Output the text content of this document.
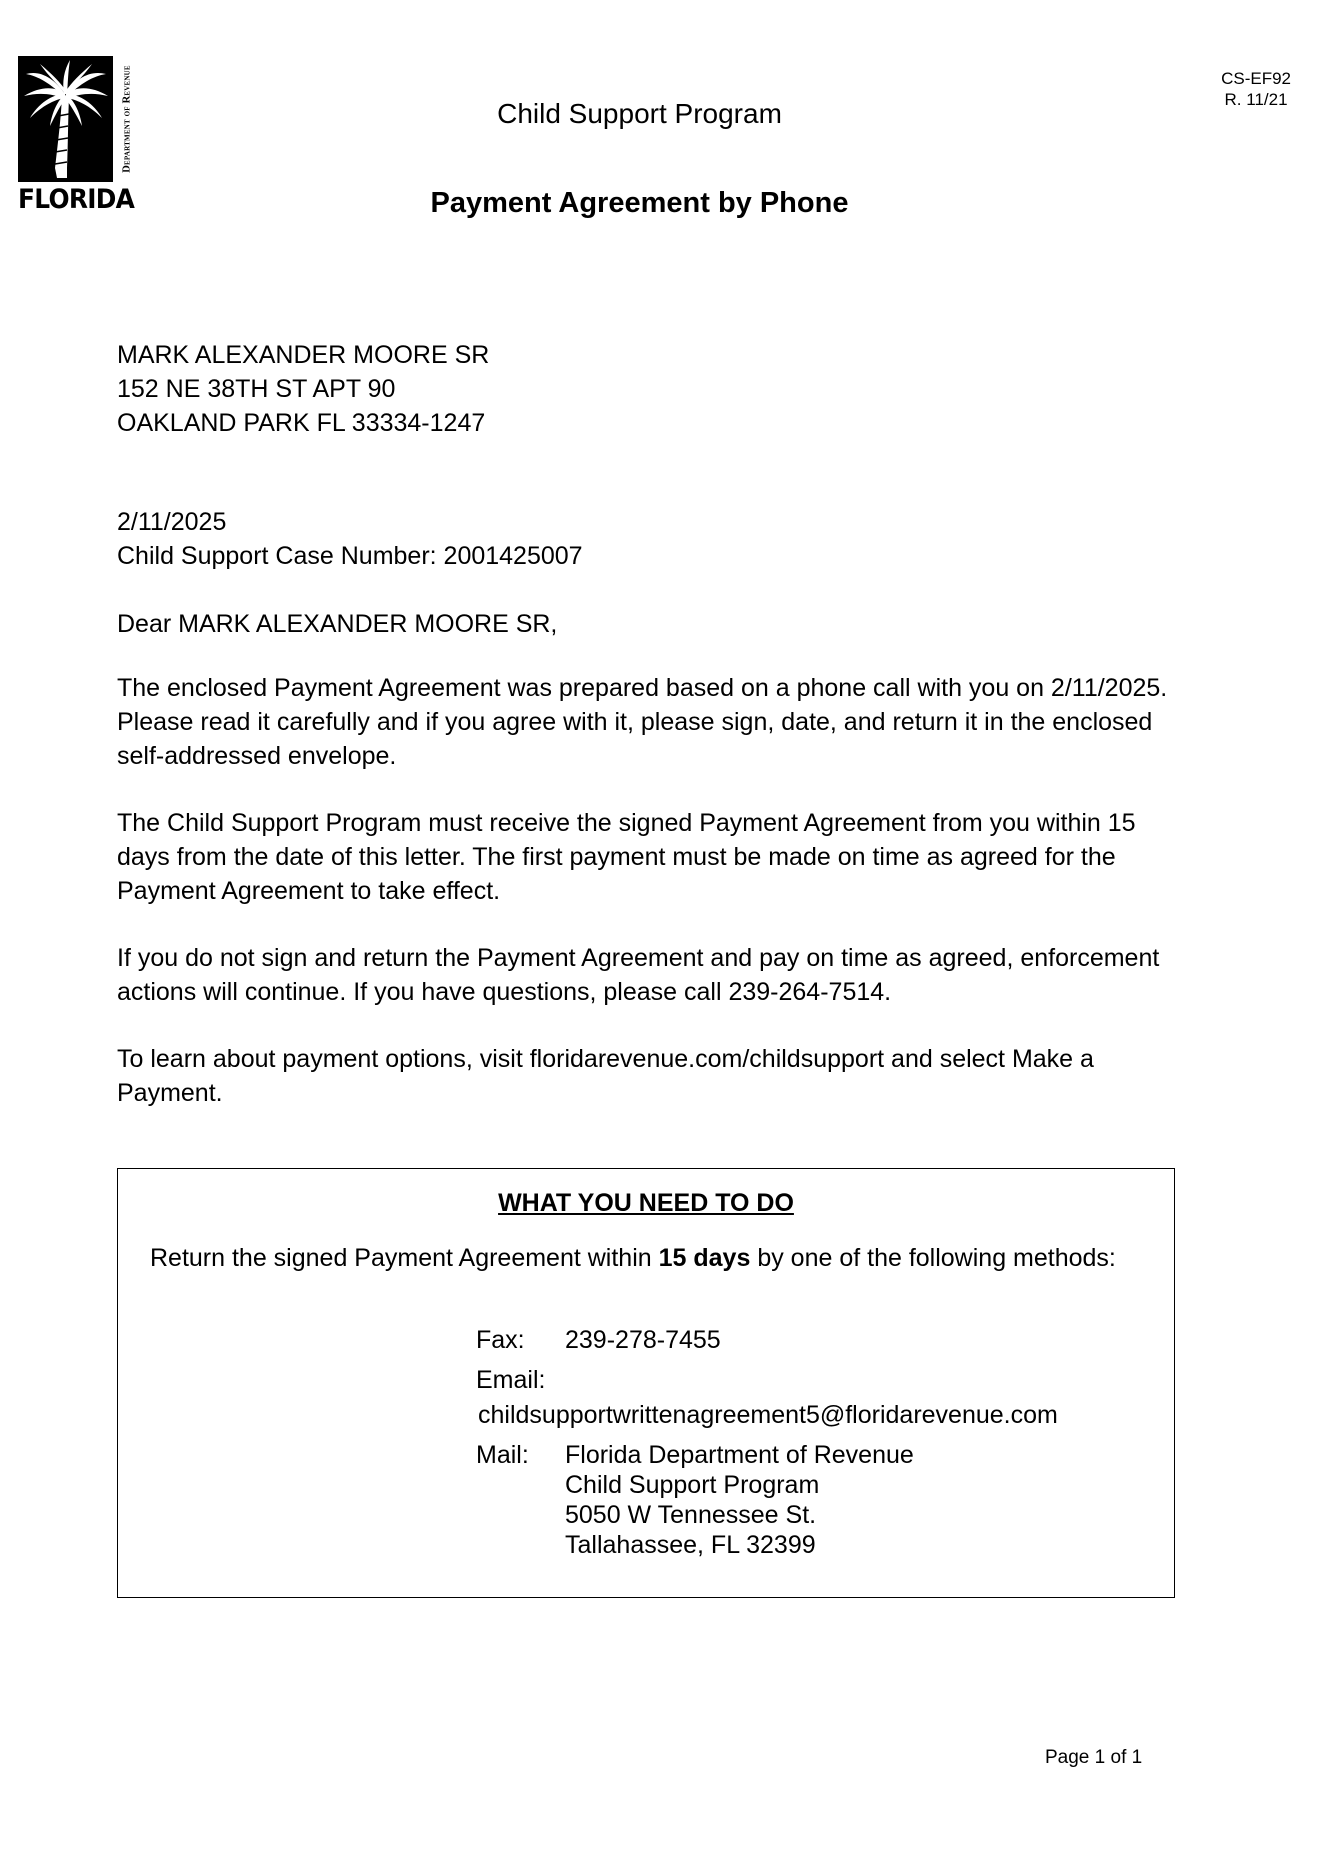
Department of Revenue
FLORIDA
CS-EF92
R. 11/21
Child Support Program
Payment Agreement by Phone
MARK ALEXANDER MOORE SR
152 NE 38TH ST APT 90
OAKLAND PARK FL 33334-1247
2/11/2025
Child Support Case Number: 2001425007
Dear MARK ALEXANDER MOORE SR,
The enclosed Payment Agreement was prepared based on a phone call with you on 2/11/2025. Please read it carefully and if you agree with it, please sign, date, and return it in the enclosed self-addressed envelope.
The Child Support Program must receive the signed Payment Agreement from you within 15 days from the date of this letter. The first payment must be made on time as agreed for the Payment Agreement to take effect.
If you do not sign and return the Payment Agreement and pay on time as agreed, enforcement actions will continue. If you have questions, please call 239-264-7514.
To learn about payment options, visit floridarevenue.com/childsupport and select Make a Payment.
WHAT YOU NEED TO DO
Return the signed Payment Agreement within 15 days by one of the following methods:
Fax: 239-278-7455
Email:
childsupportwrittenagreement5@floridarevenue.com
Mail: Florida Department of Revenue
Child Support Program
5050 W Tennessee St.
Tallahassee, FL 32399
Page 1 of 1
